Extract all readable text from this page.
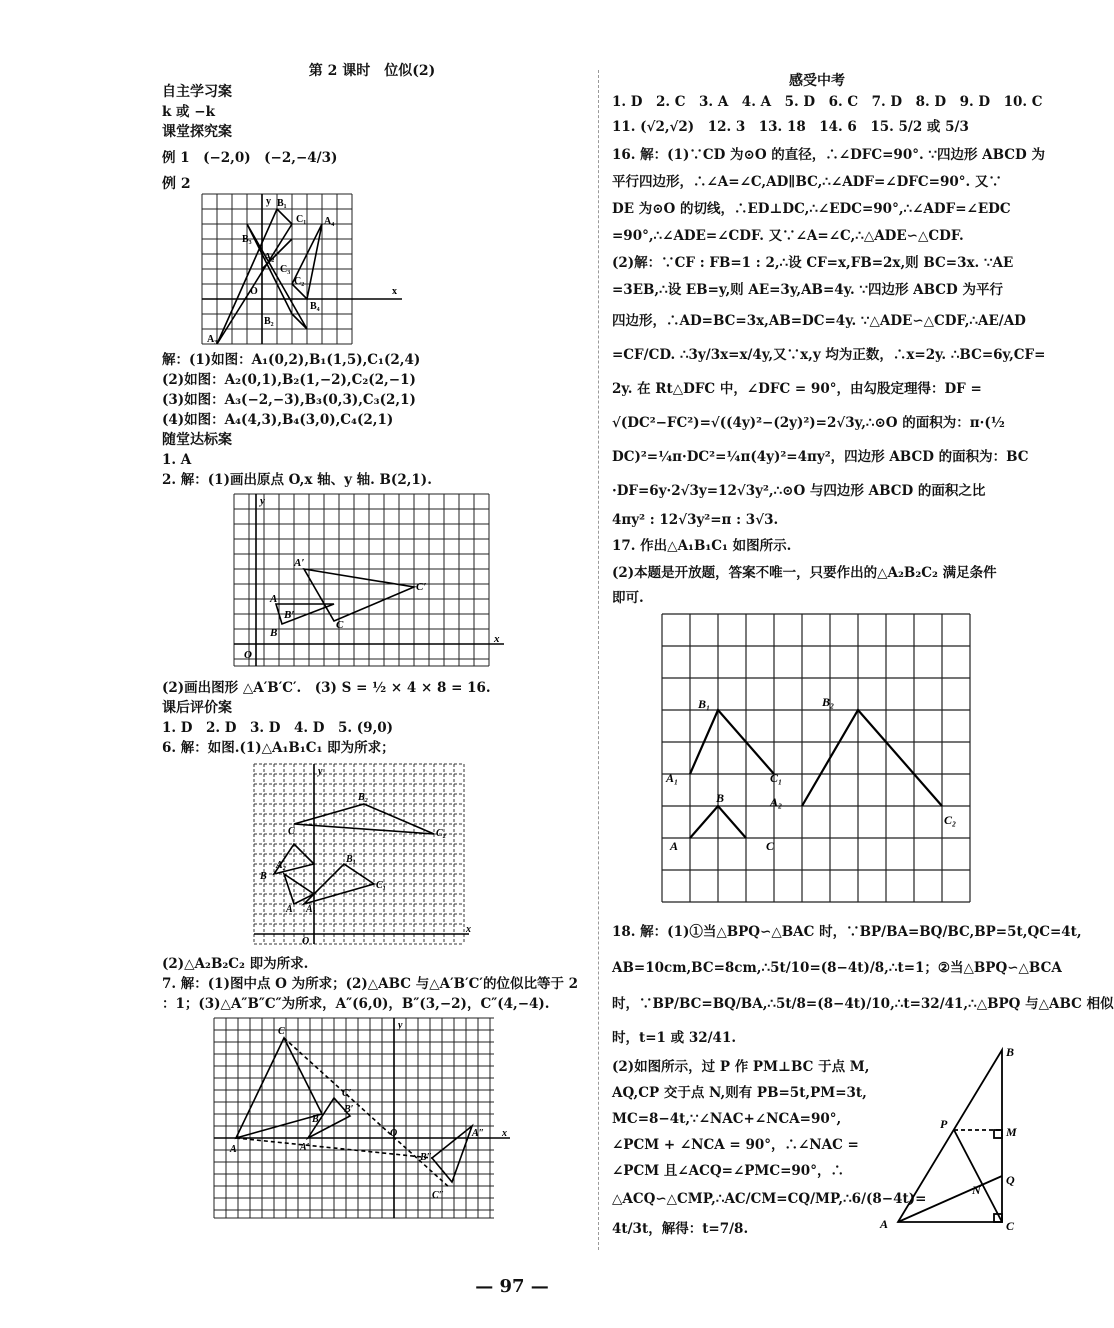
第 2 课时　位似(2)
自主学习案
k 或 −k
课堂探究案
例 1　(−2,0)　(−2,−4/3)
例 2
B₁
C₁
B₃
A₄
A₂
C₃
C₂
O
B₄
B₂
A₃
x
y
解：(1)如图：A₁(0,2),B₁(1,5),C₁(2,4)
(2)如图：A₂(0,1),B₂(1,−2),C₂(2,−1)
(3)如图：A₃(−2,−3),B₃(0,3),C₃(2,1)
(4)如图：A₄(4,3),B₄(3,0),C₄(2,1)
随堂达标案
1. A
2. 解：(1)画出原点 O,x 轴、y 轴. B(2,1).
A′
C′
A
B′
C
B
O
x
y
(2)画出图形 △A′B′C′.　(3) S = ½ × 4 × 8 = 16.
课后评价案
1. D　2. D　3. D　4. D　5. (9,0)
6. 解：如图.(1)△A₁B₁C₁ 即为所求；
B₂
C₂
C
A₂
B
B₁
C₁
A A₁
O
x
y
(2)△A₂B₂C₂ 即为所求.
7. 解：(1)图中点 O 为所求；(2)△ABC 与△A′B′C′的位似比等于 2
：1；(3)△A″B″C″为所求，A″(6,0)，B″(3,−2)，C″(4,−4).
C
B
A
B′
C′
A′
O	A″
B″
C″
x
y
感受中考
1. D　2. C　3. A　4. A　5. D　6. C　7. D　8. D　9. D　10. C
11. (√2,√2)　12. 3　13. 18　14. 6　15. 5/2 或 5/3
16. 解：(1)∵CD 为⊙O 的直径，∴∠DFC=90°. ∵四边形 ABCD 为
平行四边形，∴∠A=∠C,AD∥BC,∴∠ADF=∠DFC=90°. 又∵
DE 为⊙O 的切线，∴ED⊥DC,∴∠EDC=90°,∴∠ADF=∠EDC
=90°,∴∠ADE=∠CDF. 又∵∠A=∠C,∴△ADE∽△CDF.
(2)解：∵CF : FB=1 : 2,∴设 CF=x,FB=2x,则 BC=3x. ∵AE
=3EB,∴设 EB=y,则 AE=3y,AB=4y. ∵四边形 ABCD 为平行
四边形，∴AD=BC=3x,AB=DC=4y. ∵△ADE∽△CDF,∴AE/AD
=CF/CD. ∴3y/3x=x/4y,又∵x,y 均为正数，∴x=2y. ∴BC=6y,CF=
2y. 在 Rt△DFC 中，∠DFC = 90°，由勾股定理得：DF =
√(DC²−FC²)=√((4y)²−(2y)²)=2√3y,∴⊙O 的面积为：π·(½
DC)²=¼π·DC²=¼π(4y)²=4πy²，四边形 ABCD 的面积为：BC
·DF=6y·2√3y=12√3y²,∴⊙O 与四边形 ABCD 的面积之比
4πy² : 12√3y²=π : 3√3.
17. 作出△A₁B₁C₁ 如图所示.
(2)本题是开放题，答案不唯一，只要作出的△A₂B₂C₂ 满足条件
即可.
B₁	B₂
A₁	C₁
B	A₂
C₂
A	C
18. 解：(1)①当△BPQ∽△BAC 时，∵BP/BA=BQ/BC,BP=5t,QC=4t,
AB=10cm,BC=8cm,∴5t/10=(8−4t)/8,∴t=1；②当△BPQ∽△BCA
时，∵BP/BC=BQ/BA,∴5t/8=(8−4t)/10,∴t=32/41,∴△BPQ 与△ABC 相似
时，t=1 或 32/41.
(2)如图所示，过 P 作 PM⊥BC 于点 M,
AQ,CP 交于点 N,则有 PB=5t,PM=3t,
MC=8−4t,∵∠NAC+∠NCA=90°,
∠PCM + ∠NCA = 90°，∴∠NAC =
∠PCM 且∠ACQ=∠PMC=90°，∴
△ACQ∽△CMP,∴AC/CM=CQ/MP,∴6/(8−4t)=
4t/3t，解得：t=7/8.
B
P
M
Q
N
A	C
— 97 —
